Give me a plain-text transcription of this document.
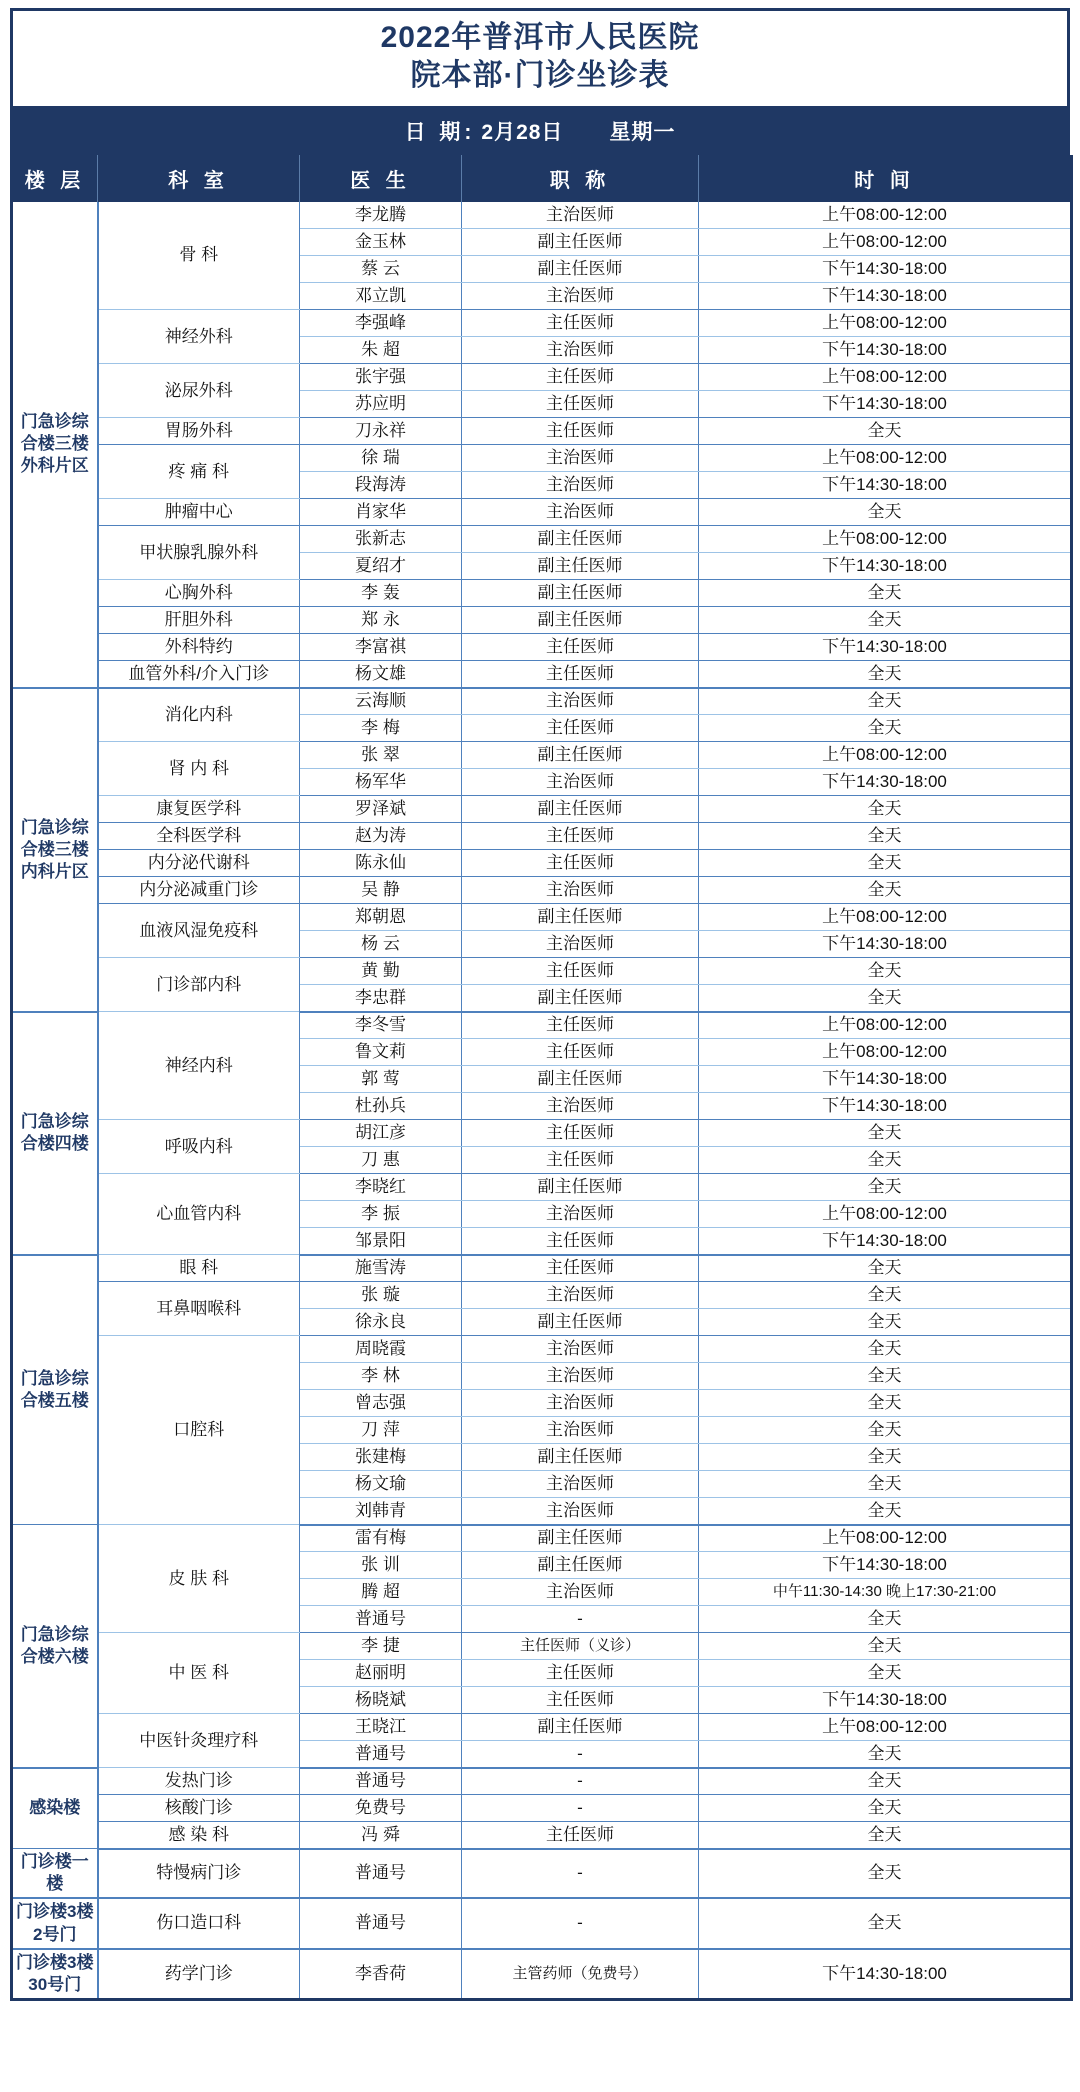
2022年普洱市人民医院
院本部·门诊坐诊表
日 期: 2月28日 星期一
楼 层	科 室	医 生	职 称	时 间
门急诊综合楼三楼外科片区	骨 科	李龙腾	主治医师	上午08:00-12:00
		金玉林	副主任医师	上午08:00-12:00
		蔡 云	副主任医师	下午14:30-18:00
		邓立凯	主治医师	下午14:30-18:00
	神经外科	李强峰	主任医师	上午08:00-12:00
		朱 超	主治医师	下午14:30-18:00
	泌尿外科	张宇强	主任医师	上午08:00-12:00
		苏应明	主任医师	下午14:30-18:00
	胃肠外科	刀永祥	主任医师	全天
	疼 痛 科	徐 瑞	主治医师	上午08:00-12:00
		段海涛	主治医师	下午14:30-18:00
	肿瘤中心	肖家华	主治医师	全天
	甲状腺乳腺外科	张新志	副主任医师	上午08:00-12:00
		夏绍才	副主任医师	下午14:30-18:00
	心胸外科	李 轰	副主任医师	全天
	肝胆外科	郑 永	副主任医师	全天
	外科特约	李富祺	主任医师	下午14:30-18:00
	血管外科/介入门诊	杨文雄	主任医师	全天
门急诊综合楼三楼内科片区	消化内科	云海顺	主治医师	全天
		李 梅	主任医师	全天
	肾 内 科	张 翠	副主任医师	上午08:00-12:00
		杨军华	主治医师	下午14:30-18:00
	康复医学科	罗泽斌	副主任医师	全天
	全科医学科	赵为涛	主任医师	全天
	内分泌代谢科	陈永仙	主任医师	全天
	内分泌减重门诊	吴 静	主治医师	全天
	血液风湿免疫科	郑朝恩	副主任医师	上午08:00-12:00
		杨 云	主治医师	下午14:30-18:00
	门诊部内科	黄 勤	主任医师	全天
		李忠群	副主任医师	全天
门急诊综合楼四楼	神经内科	李冬雪	主任医师	上午08:00-12:00
		鲁文莉	主任医师	上午08:00-12:00
		郭 莺	副主任医师	下午14:30-18:00
		杜孙兵	主治医师	下午14:30-18:00
	呼吸内科	胡江彦	主任医师	全天
		刀 惠	主任医师	全天
	心血管内科	李晓红	副主任医师	全天
		李 振	主治医师	上午08:00-12:00
		邹景阳	主任医师	下午14:30-18:00
门急诊综合楼五楼	眼 科	施雪涛	主任医师	全天
	耳鼻咽喉科	张 璇	主治医师	全天
		徐永良	副主任医师	全天
	口腔科	周晓霞	主治医师	全天
		李 林	主治医师	全天
		曾志强	主治医师	全天
		刀 萍	主治医师	全天
		张建梅	副主任医师	全天
		杨文瑜	主治医师	全天
		刘韩青	主治医师	全天
门急诊综合楼六楼	皮 肤 科	雷有梅	副主任医师	上午08:00-12:00
		张 训	副主任医师	下午14:30-18:00
		腾 超	主治医师	中午11:30-14:30 晚上17:30-21:00
		普通号	-	全天
	中 医 科	李 捷	主任医师（义诊）	全天
		赵丽明	主任医师	全天
		杨晓斌	主任医师	下午14:30-18:00
	中医针灸理疗科	王晓江	副主任医师	上午08:00-12:00
		普通号	-	全天
感染楼	发热门诊	普通号	-	全天
	核酸门诊	免费号	-	全天
	感 染 科	冯 舜	主任医师	全天
门诊楼一楼	特慢病门诊	普通号	-	全天
门诊楼3楼2号门	伤口造口科	普通号	-	全天
门诊楼3楼30号门	药学门诊	李香荷	主管药师（免费号）	下午14:30-18:00
